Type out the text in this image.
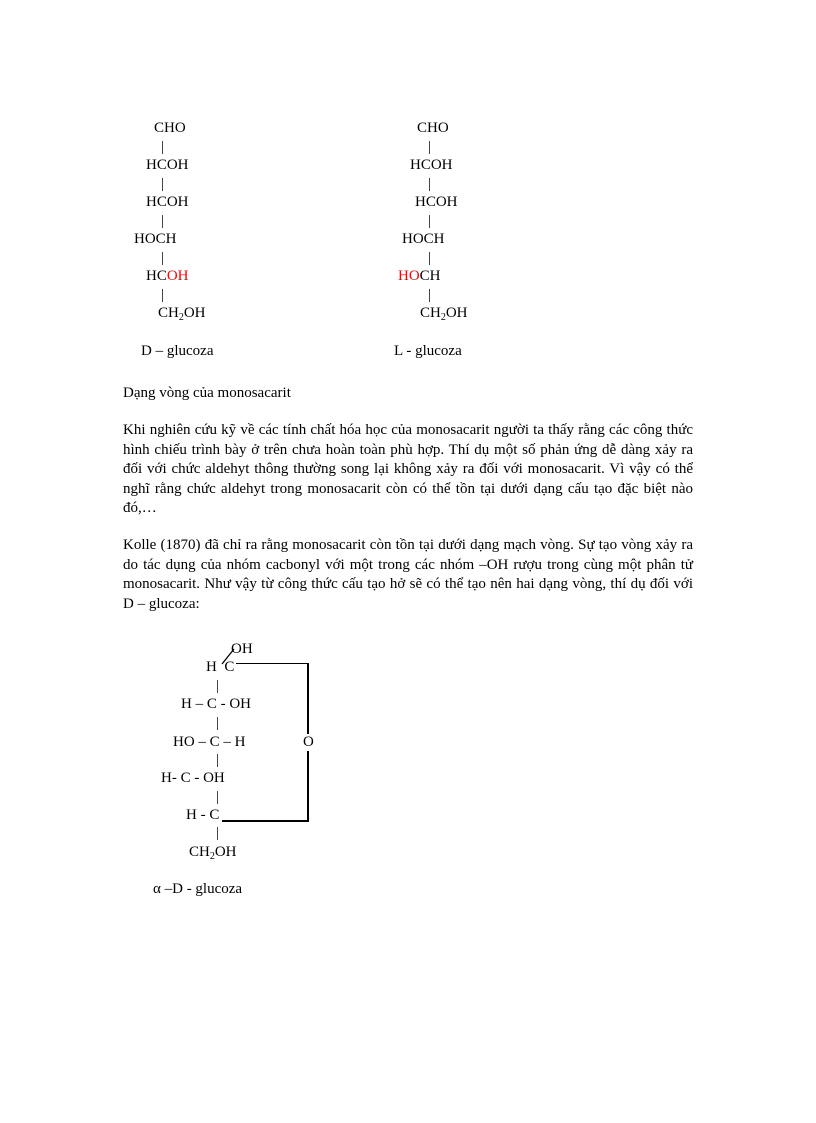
CHO
|
HCOH
|
HCOH
|
HOCH
|
HCOH
|
$CH_2OH$
D – glucoza
CHO
|
HCOH
|
HCOH
|
HOCH
|
HOCH
|
$CH_2OH$
L - glucoza
Dạng vòng của monosacarit
Khi nghiên cứu kỹ về các tính chất hóa học của monosacarit người ta thấy rằng các công thức hình chiếu trình bày ở trên chưa hoàn toàn phù hợp. Thí dụ một số phản ứng dễ dàng xảy ra đối với chức aldehyt thông thường song lại không xảy ra đối với monosacarit. Vì vậy có thể nghĩ rằng chức aldehyt trong monosacarit còn có thể tồn tại dưới dạng cấu tạo đặc biệt nào đó,…
Kolle (1870) đã chỉ ra rằng monosacarit còn tồn tại dưới dạng mạch vòng. Sự tạo vòng xảy ra do tác dụng của nhóm cacbonyl với một trong các nhóm –OH rượu trong cùng một phân tử monosacarit. Như vậy từ công thức cấu tạo hở sẽ có thể tạo nên hai dạng vòng, thí dụ đối với D – glucoza:
OH
H  C
|
H – C - OH
|
HO – C – H	O
|
H- C - OH
|
H - C
|
$CH_2OH$
α –D - glucoza
